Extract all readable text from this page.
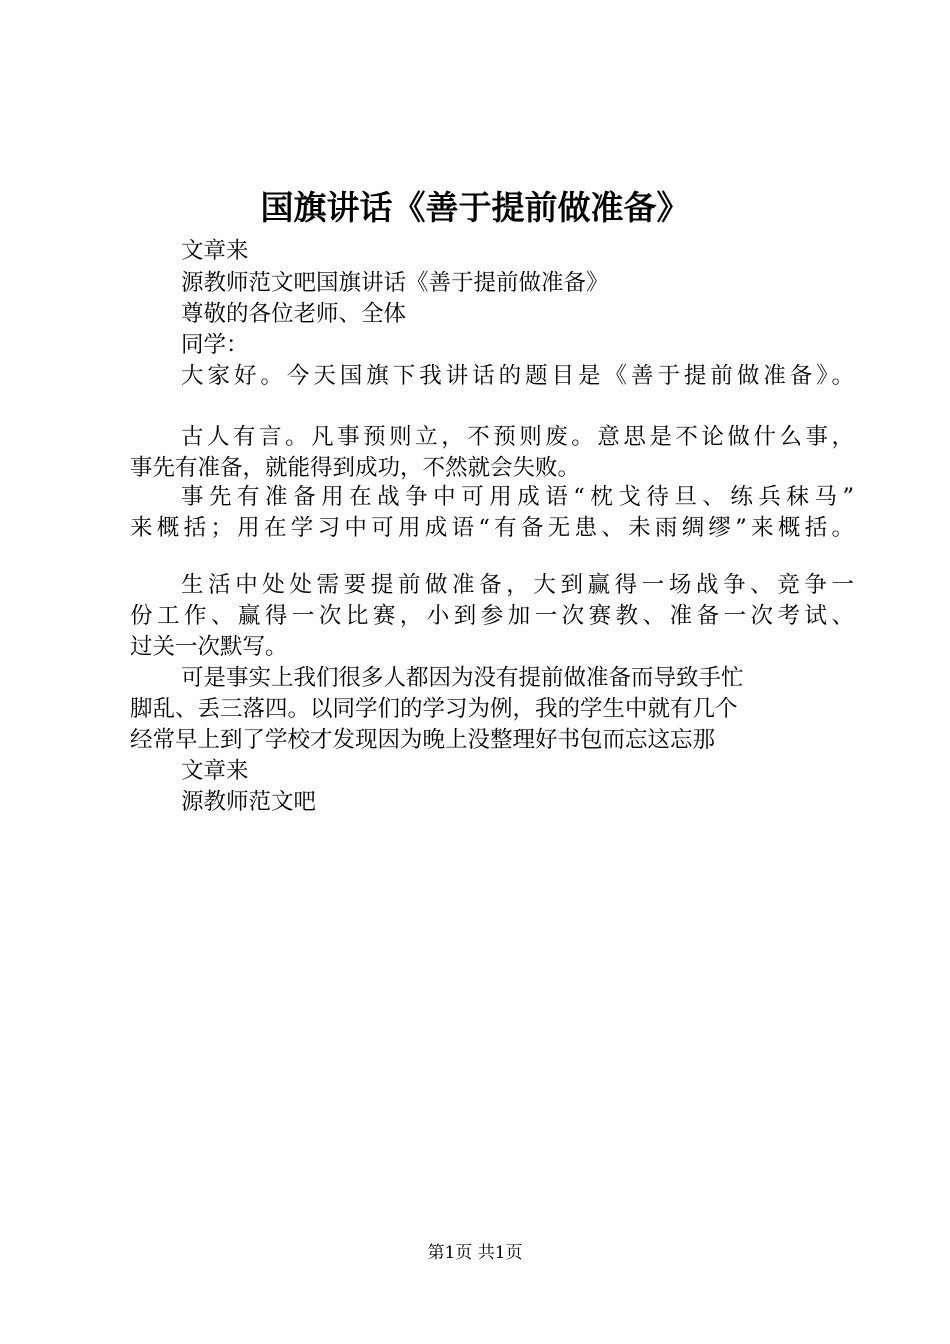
国旗讲话《善于提前做准备》
文章来
源教师范文吧国旗讲话《善于提前做准备》
尊敬的各位老师、全体
同学：
大家好。今天国旗下我讲话的题目是《善于提前做准备》。
古人有言。凡事预则立，不预则废。意思是不论做什么事，
事先有准备，就能得到成功，不然就会失败。
事先有准备用在战争中可用成语“枕戈待旦、练兵秣马”
来概括；用在学习中可用成语“有备无患、未雨绸缪”来概括。
生活中处处需要提前做准备，大到赢得一场战争、竞争一
份工作、赢得一次比赛，小到参加一次赛教、准备一次考试、
过关一次默写。
可是事实上我们很多人都因为没有提前做准备而导致手忙
脚乱、丢三落四。以同学们的学习为例，我的学生中就有几个
经常早上到了学校才发现因为晚上没整理好书包而忘这忘那
文章来
源教师范文吧
第1页 共1页
